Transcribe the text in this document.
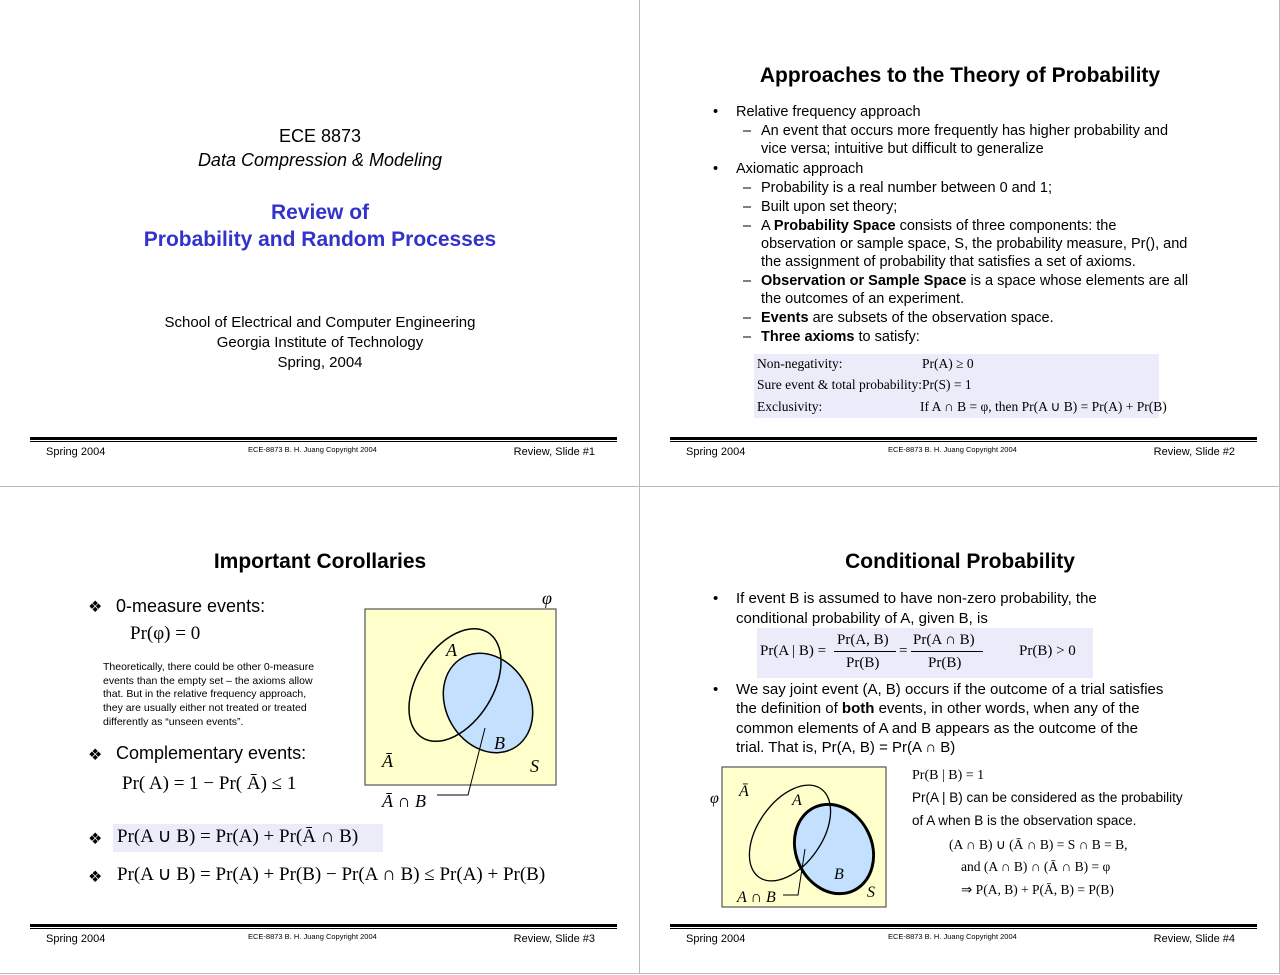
ECE 8873
Data Compression & Modeling
Review of
Probability and Random Processes
School of Electrical and Computer Engineering
Georgia Institute of Technology
Spring, 2004
Spring 2004	ECE-8873 B. H. Juang Copyright 2004	Review, Slide #1
Approaches to the Theory of Probability
• Relative frequency approach
– An event that occurs more frequently has higher probability and
vice versa; intuitive but difficult to generalize
• Axiomatic approach
– Probability is a real number between 0 and 1;
– Built upon set theory;
– A Probability Space consists of three components: the
observation or sample space, S, the probability measure, Pr(), and
the assignment of probability that satisfies a set of axioms.
– Observation or Sample Space is a space whose elements are all
the outcomes of an experiment.
– Events are subsets of the observation space.
– Three axioms to satisfy:
Non-negativity:	Pr(A) ≥ 0
Sure event & total probability: Pr(S) = 1
Exclusivity:	If A ∩ B = φ, then Pr(A ∪ B) = Pr(A) + Pr(B)
Spring 2004	ECE-8873 B. H. Juang Copyright 2004	Review, Slide #2
Important Corollaries
❖ 0-measure events:
Pr(φ) = 0
Theoretically, there could be other 0-measure
events than the empty set – the axioms allow
that. But in the relative frequency approach,
they are usually either not treated or treated
differently as “unseen events”.
❖ Complementary events:
Pr( A) = 1 − Pr( Ā) ≤ 1
❖ Pr(A ∪ B) = Pr(A) + Pr(Ā ∩ B)
❖ Pr(A ∪ B) = Pr(A) + Pr(B) − Pr(A ∩ B) ≤ Pr(A) + Pr(B)
φ
A
B
Ā	S
Ā ∩ B
Spring 2004	ECE-8873 B. H. Juang Copyright 2004	Review, Slide #3
Conditional Probability
• If event B is assumed to have non-zero probability, the
conditional probability of A, given B, is
Pr(A | B) =
Pr(A, B)
Pr(B)
=
Pr(A ∩ B)
Pr(B)
Pr(B) > 0
• We say joint event (A, B) occurs if the outcome of a trial satisfies
the definition of both events, in other words, when any of the
common elements of A and B appears as the outcome of the
trial. That is, Pr(A, B) = Pr(A ∩ B)
φ Ā
A
B
S
A ∩ B
Pr(B | B) = 1
Pr(A | B) can be considered as the probability
of A when B is the observation space.
(A ∩ B) ∪ (Ā ∩ B) = S ∩ B = B,
and (A ∩ B) ∩ (Ā ∩ B) = φ
⇒ P(A, B) + P(Ā, B) = P(B)
Spring 2004	ECE-8873 B. H. Juang Copyright 2004	Review, Slide #4
